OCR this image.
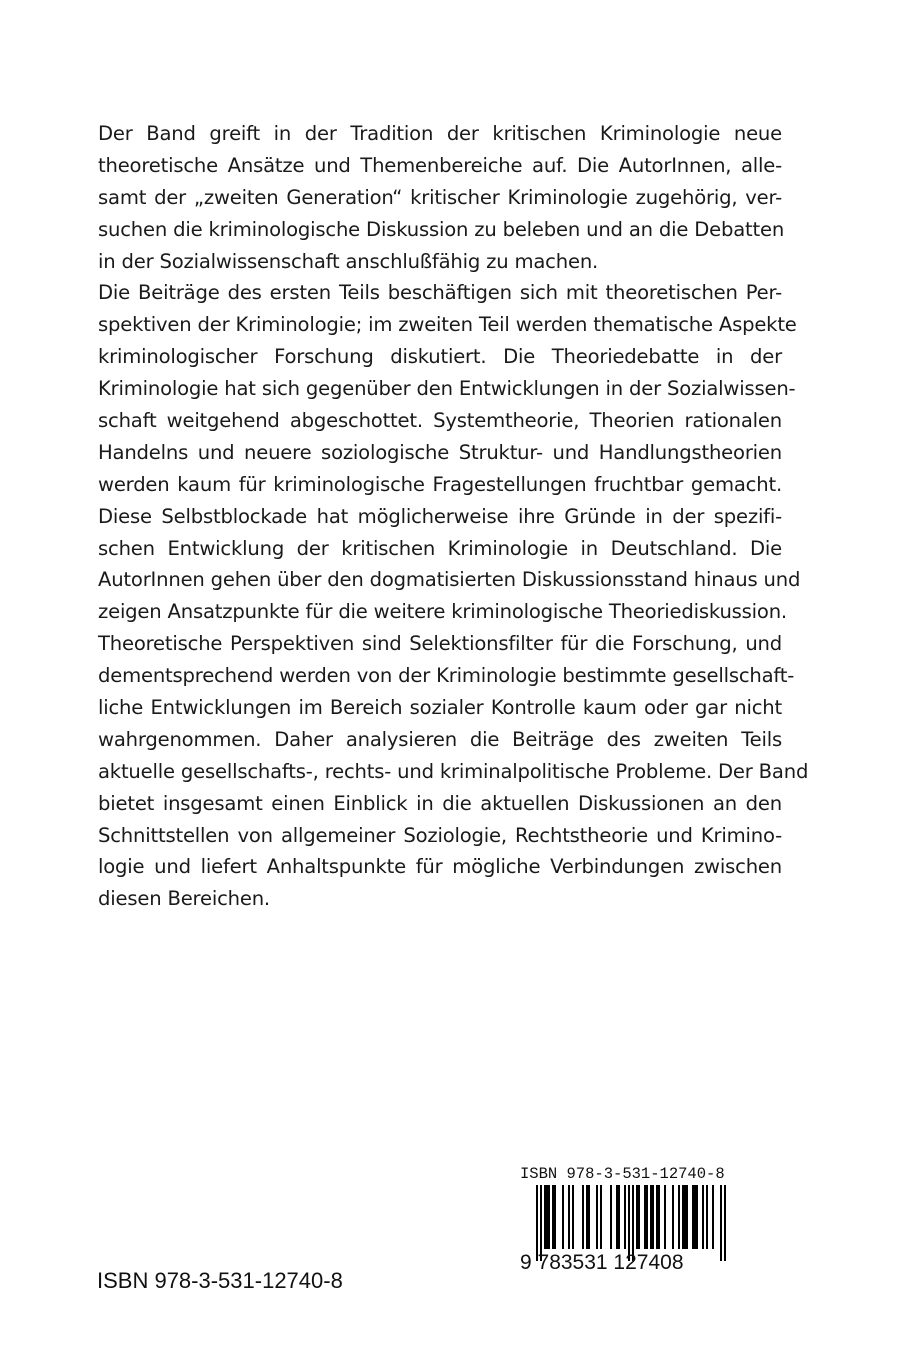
Der Band greift in der Tradition der kritischen Kriminologie neue
theoretische Ansätze und Themenbereiche auf. Die AutorInnen, alle-
samt der „zweiten Generation“ kritischer Kriminologie zugehörig, ver-
suchen die kriminologische Diskussion zu beleben und an die Debatten
in der Sozialwissenschaft anschlußfähig zu machen.
Die Beiträge des ersten Teils beschäftigen sich mit theoretischen Per-
spektiven der Kriminologie; im zweiten Teil werden thematische Aspekte
kriminologischer Forschung diskutiert. Die Theoriedebatte in der
Kriminologie hat sich gegenüber den Entwicklungen in der Sozialwissen-
schaft weitgehend abgeschottet. Systemtheorie, Theorien rationalen
Handelns und neuere soziologische Struktur- und Handlungstheorien
werden kaum für kriminologische Fragestellungen fruchtbar gemacht.
Diese Selbstblockade hat möglicherweise ihre Gründe in der spezifi-
schen Entwicklung der kritischen Kriminologie in Deutschland. Die
AutorInnen gehen über den dogmatisierten Diskussionsstand hinaus und
zeigen Ansatzpunkte für die weitere kriminologische Theoriediskussion.
Theoretische Perspektiven sind Selektionsfilter für die Forschung, und
dementsprechend werden von der Kriminologie bestimmte gesellschaft-
liche Entwicklungen im Bereich sozialer Kontrolle kaum oder gar nicht
wahrgenommen. Daher analysieren die Beiträge des zweiten Teils
aktuelle gesellschafts-, rechts- und kriminalpolitische Probleme. Der Band
bietet insgesamt einen Einblick in die aktuellen Diskussionen an den
Schnittstellen von allgemeiner Soziologie, Rechtstheorie und Krimino-
logie und liefert Anhaltspunkte für mögliche Verbindungen zwischen
diesen Bereichen.
ISBN 978-3-531-12740-8
9 783531 127408
ISBN 978-3-531-12740-8
